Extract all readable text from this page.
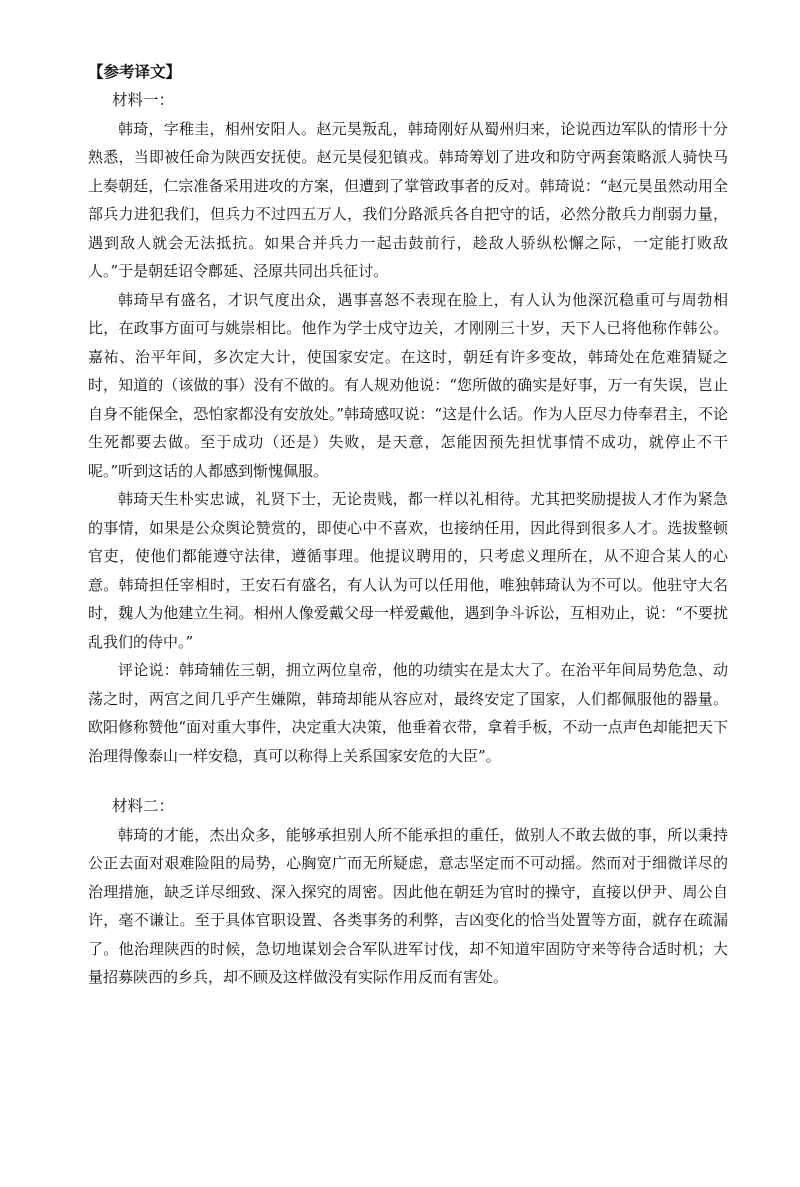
【参考译文】
材料一：

韩琦，字稚圭，相州安阳人。赵元昊叛乱，韩琦刚好从蜀州归来，论说西边军队的情形十分熟悉，当即被任命为陕西安抚使。赵元昊侵犯镇戎。韩琦筹划了进攻和防守两套策略派人骑快马上奏朝廷，仁宗准备采用进攻的方案，但遭到了掌管政事者的反对。韩琦说：“赵元昊虽然动用全部兵力进犯我们，但兵力不过四五万人，我们分路派兵各自把守的话，必然分散兵力削弱力量，遇到敌人就会无法抵抗。如果合并兵力一起击鼓前行，趁敌人骄纵松懈之际，一定能打败敌人。”于是朝廷诏令鄜延、泾原共同出兵征讨。

韩琦早有盛名，才识气度出众，遇事喜怒不表现在脸上，有人认为他深沉稳重可与周勃相比，在政事方面可与姚崇相比。他作为学士戍守边关，才刚刚三十岁，天下人已将他称作韩公。嘉祐、治平年间，多次定大计，使国家安定。在这时，朝廷有许多变故，韩琦处在危难猜疑之时，知道的（该做的事）没有不做的。有人规劝他说：“您所做的确实是好事，万一有失误，岂止自身不能保全，恐怕家都没有安放处。”韩琦感叹说：“这是什么话。作为人臣尽力侍奉君主，不论生死都要去做。至于成功（还是）失败，是天意，怎能因预先担忧事情不成功，就停止不干呢。”听到这话的人都感到惭愧佩服。

韩琦天生朴实忠诚，礼贤下士，无论贵贱，都一样以礼相待。尤其把奖励提拔人才作为紧急的事情，如果是公众舆论赞赏的，即使心中不喜欢，也接纳任用，因此得到很多人才。选拔整顿官吏，使他们都能遵守法律，遵循事理。他提议聘用的，只考虑义理所在，从不迎合某人的心意。韩琦担任宰相时，王安石有盛名，有人认为可以任用他，唯独韩琦认为不可以。他驻守大名时，魏人为他建立生祠。相州人像爱戴父母一样爱戴他，遇到争斗诉讼，互相劝止，说：“不要扰乱我们的侍中。”

评论说：韩琦辅佐三朝，拥立两位皇帝，他的功绩实在是太大了。在治平年间局势危急、动荡之时，两宫之间几乎产生嫌隙，韩琦却能从容应对，最终安定了国家，人们都佩服他的器量。欧阳修称赞他“面对重大事件，决定重大决策，他垂着衣带，拿着手板，不动一点声色却能把天下治理得像泰山一样安稳，真可以称得上关系国家安危的大臣”。

材料二：

韩琦的才能，杰出众多，能够承担别人所不能承担的重任，做别人不敢去做的事，所以秉持公正去面对艰难险阻的局势，心胸宽广而无所疑虑，意志坚定而不可动摇。然而对于细微详尽的治理措施，缺乏详尽细致、深入探究的周密。因此他在朝廷为官时的操守，直接以伊尹、周公自许，毫不谦让。至于具体官职设置、各类事务的利弊，吉凶变化的恰当处置等方面，就存在疏漏了。他治理陕西的时候，急切地谋划会合军队进军讨伐，却不知道牢固防守来等待合适时机；大量招募陕西的乡兵，却不顾及这样做没有实际作用反而有害处。
